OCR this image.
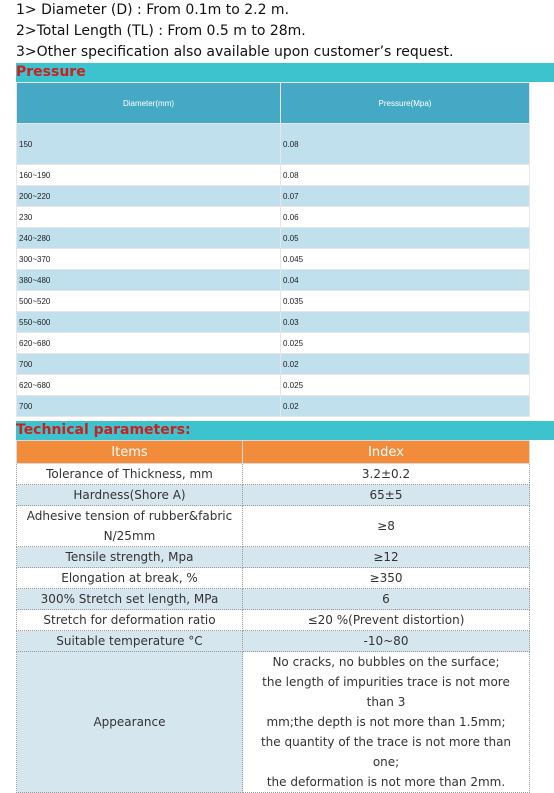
1> Diameter (D) : From 0.1m to 2.2 m.
2>Total Length (TL) : From 0.5 m to 28m.
3>Other specification also available upon customer’s request.
Pressure
Diameter(mm)	Pressure(Mpa)
150	0.08
160~190	0.08
200~220	0.07
230	0.06
240~280	0.05
300~370	0.045
380~480	0.04
500~520	0.035
550~600	0.03
620~680	0.025
700	0.02
620~680	0.025
700	0.02
Technical parameters:
Items	Index

Tolerance of Thickness, mm	3.2±0.2

Hardness(Shore A)	65±5

Adhesive tension of rubber&fabric
N/25mm	≥8

Tensile strength, Mpa	≥12

Elongation at break, %	≥350

300% Stretch set length, MPa	6

Stretch for deformation ratio	≤20 %(Prevent distortion)

Suitable temperature °C	-10~80

Appearance	No cracks, no bubbles on the surface;
the length of impurities trace is not more than 3
mm;the depth is not more than 1.5mm;
the quantity of the trace is not more than one;
the deformation is not more than 2mm.
